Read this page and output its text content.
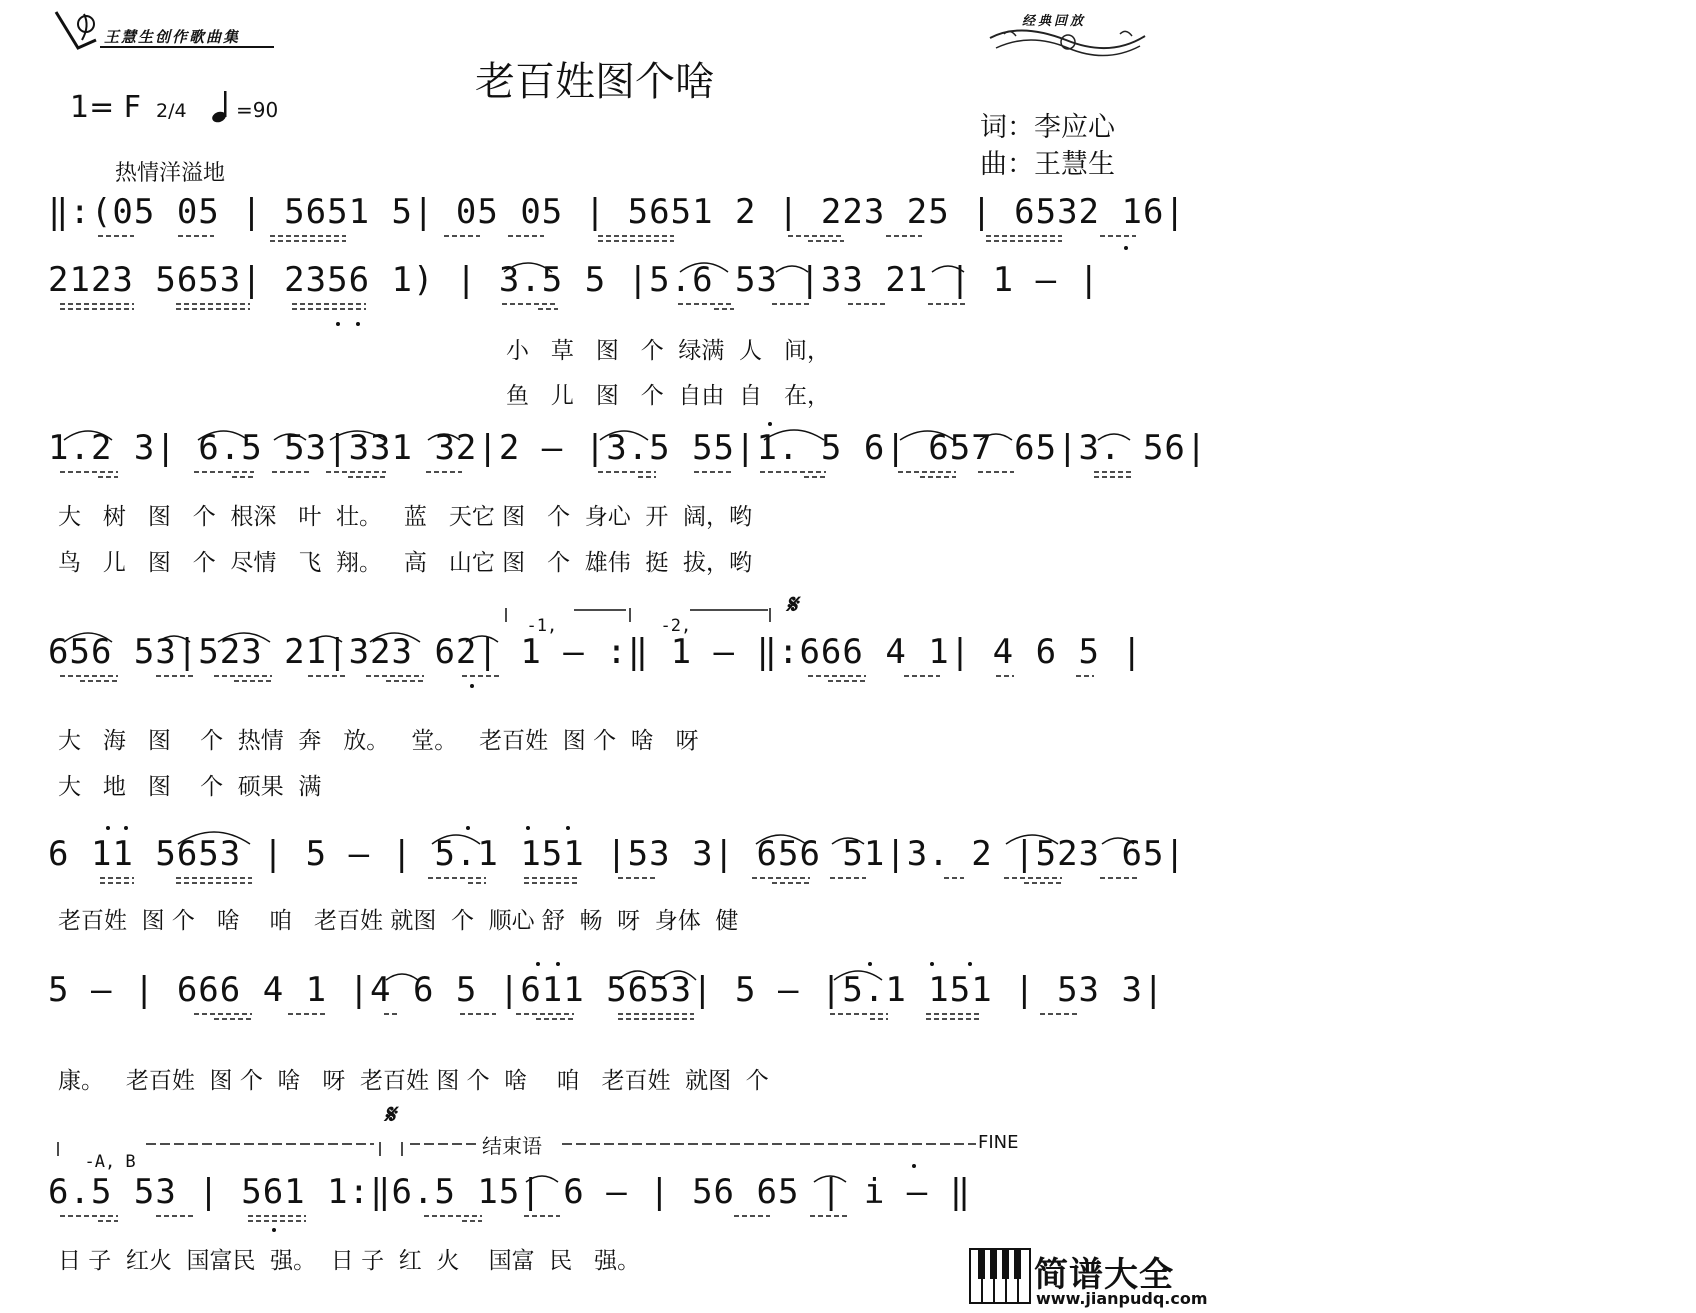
王慧生创作歌曲集
经典回放
老百姓图个啥
1= F 2/4 =90
词：李应心
曲：王慧生
热情洋溢地
‖:(05 05 | 5651 5| 05 05 | 5651 2 | 223 25 | 6532 16|
2123 5653| 2356 1) | 3.5 5 |5.6 53 |33 21 | 1 – |
小   草   图   个  绿满  人   间，
鱼   儿   图   个  自由  自   在，
1.2 3| 6.5 53|331 32|2 – |3.5 55|1. 5 6| 657 65|3. 56|
大   树   图   个  根深   叶  壮。   蓝   天它 图   个  身心  开  阔，哟
鸟   儿   图   个  尽情   飞  翔。   高   山它 图   个  雄伟  挺  拔，哟

-1,	-2,

𝄋
656 53|523 21|323 62| 1 – :‖ 1 – ‖:666 4 1| 4 6 5 |
大   海   图    个  热情  奔   放。   堂。   老百姓  图 个  啥   呀
大   地   图    个  硕果  满
6 11 5653 | 5 – | 5.1 151 |53 3| 656 51|3. 2 |523 65|
老百姓  图 个   啥    咱   老百姓 就图  个  顺心 舒  畅  呀  身体  健
5 – | 666 4 1 |4 6 5 |611 5653| 5 – |5.1 151 | 53 3|
康。   老百姓  图 个  啥   呀  老百姓 图 个  啥    咱   老百姓  就图  个

-A, B

𝄋
结束语	FINE
6.5 53 | 561 1:‖6.5 15| 6 – | 56 65 | i – ‖
日 子  红火  国富民  强。  日 子  红  火    国富  民   强。	简谱大全
www.jianpudq.com
